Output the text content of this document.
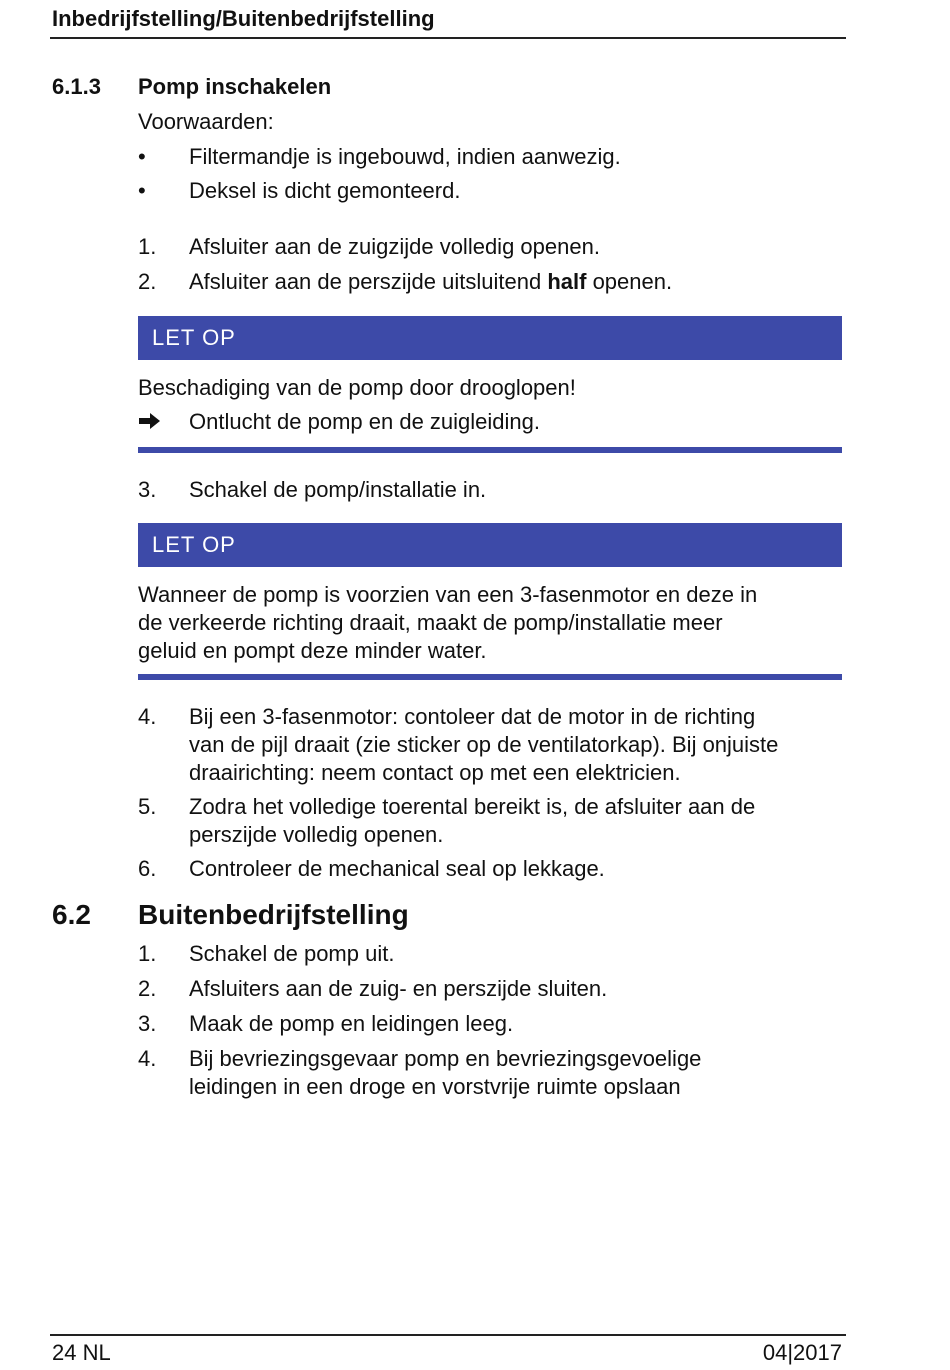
Inbedrijfstelling/Buitenbedrijfstelling
6.1.3 Pomp inschakelen
Voorwaarden:
• Filtermandje is ingebouwd, indien aanwezig.
• Deksel is dicht gemonteerd.
1. Afsluiter aan de zuigzijde volledig openen.
2. Afsluiter aan de perszijde uitsluitend half openen.
LET OP
Beschadiging van de pomp door drooglopen!
Ontlucht de pomp en de zuigleiding.
3. Schakel de pomp/installatie in.
LET OP
Wanneer de pomp is voorzien van een 3-fasenmotor en deze in
de verkeerde richting draait, maakt de pomp/installatie meer
geluid en pompt deze minder water.
4. Bij een 3-fasenmotor: contoleer dat de motor in de richting
van de pijl draait (zie sticker op de ventilatorkap). Bij onjuiste
draairichting: neem contact op met een elektricien.
5. Zodra het volledige toerental bereikt is, de afsluiter aan de
perszijde volledig openen.
6. Controleer de mechanical seal op lekkage.
6.2 Buitenbedrijfstelling
1. Schakel de pomp uit.
2. Afsluiters aan de zuig- en perszijde sluiten.
3. Maak de pomp en leidingen leeg.
4. Bij bevriezingsgevaar pomp en bevriezingsgevoelige
leidingen in een droge en vorstvrije ruimte opslaan
24 NL	04|2017
